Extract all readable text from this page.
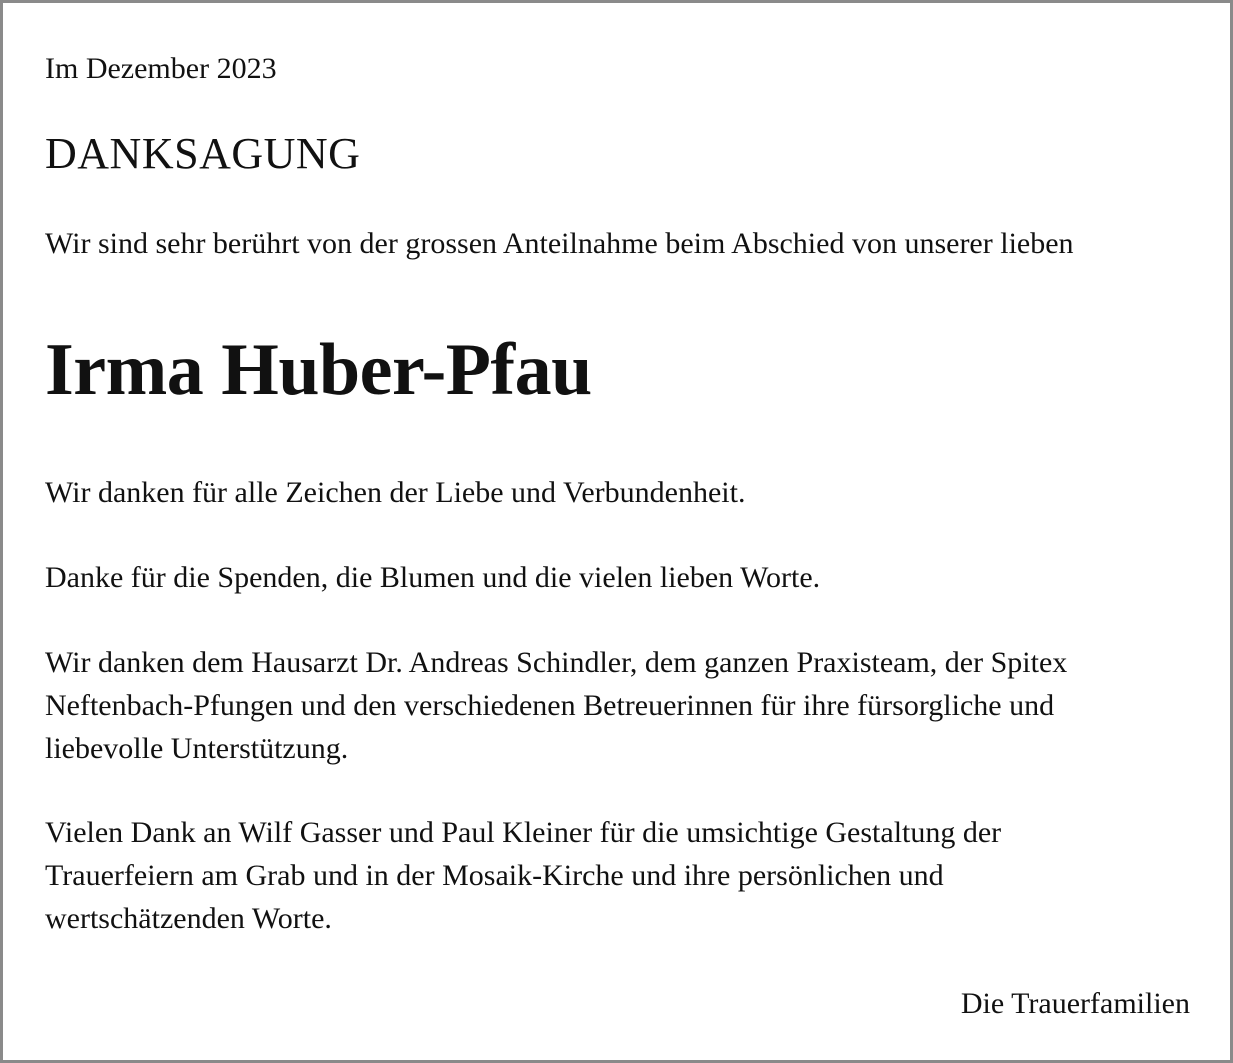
Im Dezember 2023

DANKSAGUNG

Wir sind sehr berührt von der grossen Anteilnahme beim Abschied von unserer lieben

Irma Huber-Pfau

Wir danken für alle Zeichen der Liebe und Verbundenheit.

Danke für die Spenden, die Blumen und die vielen lieben Worte.

Wir danken dem Hausarzt Dr. Andreas Schindler, dem ganzen Praxisteam, der Spitex
Neftenbach-Pfungen und den verschiedenen Betreuerinnen für ihre fürsorgliche und
liebevolle Unterstützung.

Vielen Dank an Wilf Gasser und Paul Kleiner für die umsichtige Gestaltung der
Trauerfeiern am Grab und in der Mosaik-Kirche und ihre persönlichen und
wertschätzenden Worte.

Die Trauerfamilien
